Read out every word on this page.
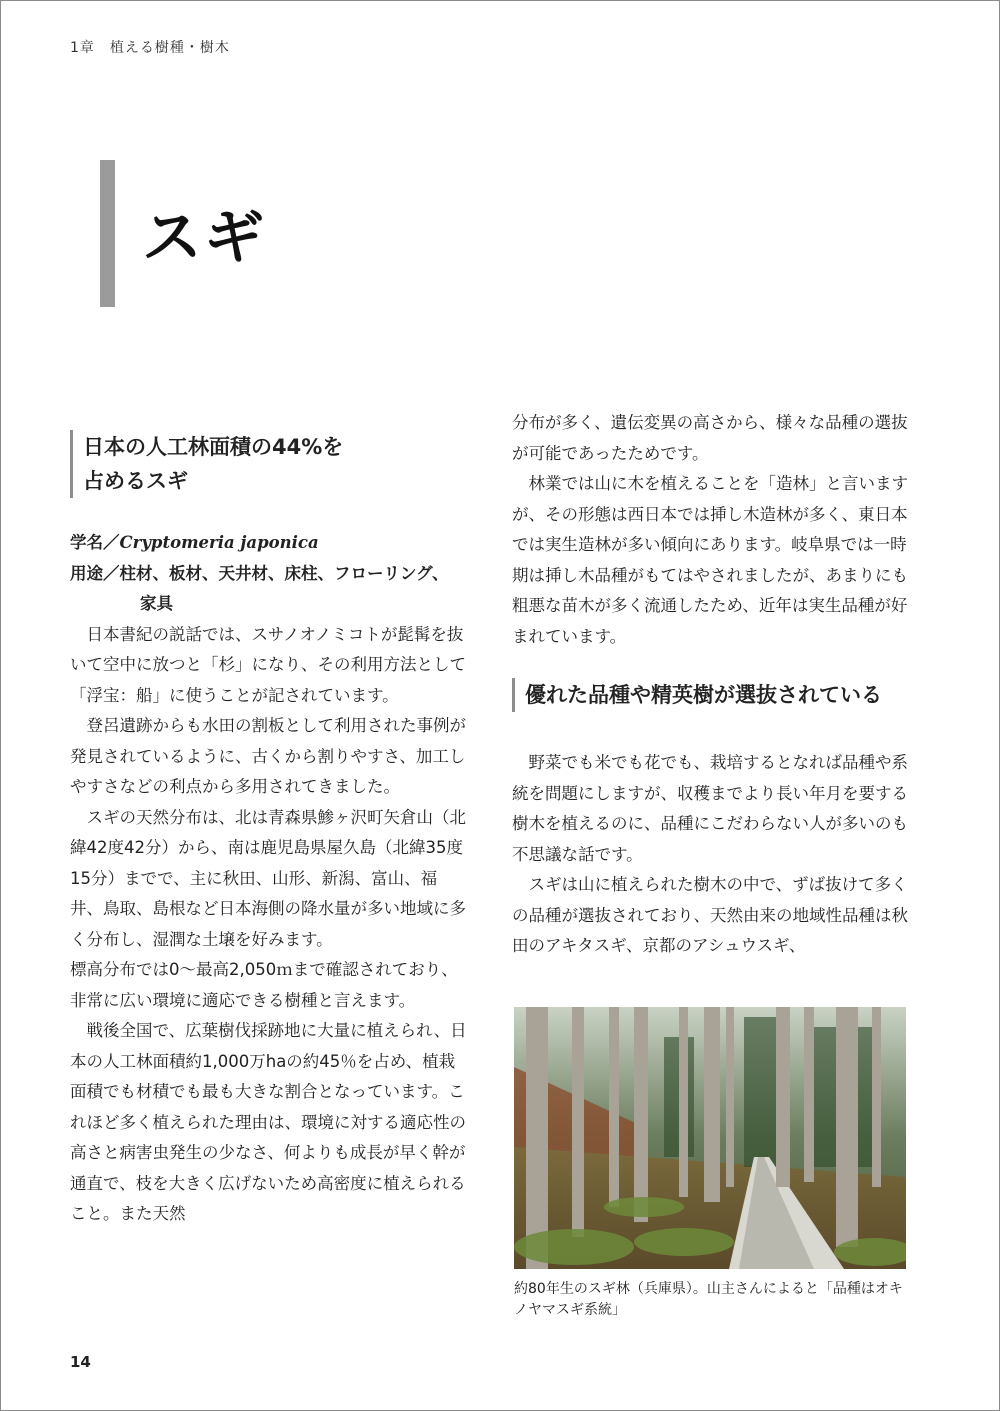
1章　植える樹種・樹木
スギ
日本の人工林面積の44%を
占めるスギ

学名／Cryptomeria japonica

用途／柱材、板材、天井材、床柱、フローリング、

家具

日本書紀の説話では、スサノオノミコトが髭髯を抜いて空中に放つと「杉」になり、その利用方法として「浮宝：船」に使うことが記されています。

登呂遺跡からも水田の割板として利用された事例が発見されているように、古くから割りやすさ、加工しやすさなどの利点から多用されてきました。

スギの天然分布は、北は青森県鯵ヶ沢町矢倉山（北緯42度42分）から、南は鹿児島県屋久島（北緯35度15分）までで、主に秋田、山形、新潟、富山、福井、鳥取、島根など日本海側の降水量が多い地域に多く分布し、湿潤な土壌を好みます。

標高分布では0～最高2,050ｍまで確認されており、非常に広い環境に適応できる樹種と言えます。

戦後全国で、広葉樹伐採跡地に大量に植えられ、日本の人工林面積約1,000万haの約45％を占め、植栽面積でも材積でも最も大きな割合となっています。これほど多く植えられた理由は、環境に対する適応性の高さと病害虫発生の少なさ、何よりも成長が早く幹が通直で、枝を大きく広げないため高密度に植えられること。また天然

分布が多く、遺伝変異の高さから、様々な品種の選抜が可能であったためです。

林業では山に木を植えることを「造林」と言いますが、その形態は西日本では挿し木造林が多く、東日本では実生造林が多い傾向にあります。岐阜県では一時期は挿し木品種がもてはやされましたが、あまりにも粗悪な苗木が多く流通したため、近年は実生品種が好まれています。

優れた品種や精英樹が選抜されている

野菜でも米でも花でも、栽培するとなれば品種や系統を問題にしますが、収穫までより長い年月を要する樹木を植えるのに、品種にこだわらない人が多いのも不思議な話です。

スギは山に植えられた樹木の中で、ずば抜けて多くの品種が選抜されており、天然由来の地域性品種は秋田のアキタスギ、京都のアシュウスギ、

約80年生のスギ林（兵庫県）。山主さんによると「品種はオキノヤマスギ系統」
14
